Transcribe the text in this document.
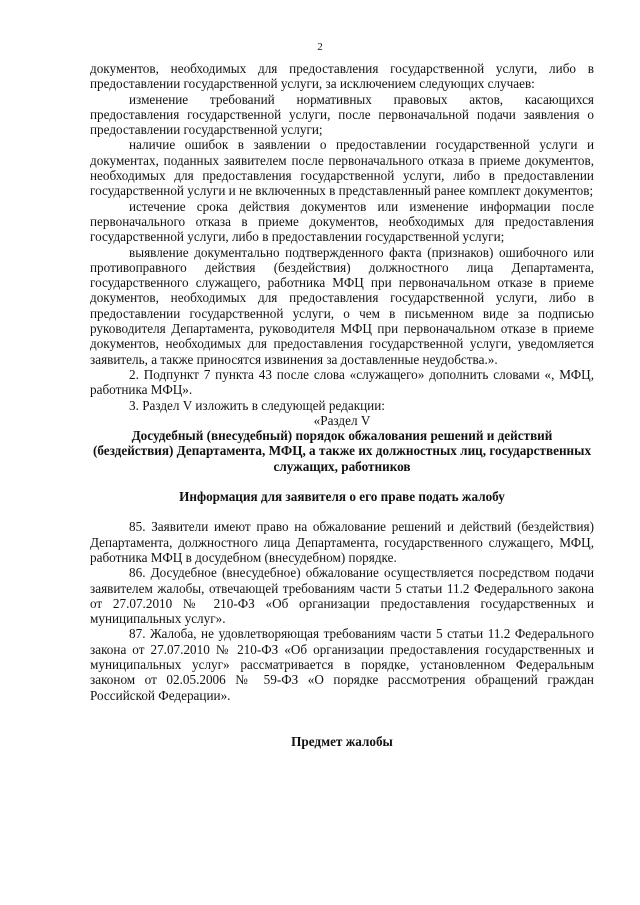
2

документов, необходимых для предоставления государственной услуги, либо в предоставлении государственной услуги, за исключением следующих случаев:

изменение требований нормативных правовых актов, касающихся предоставления государственной услуги, после первоначальной подачи заявления о предоставлении государственной услуги;

наличие ошибок в заявлении о предоставлении государственной услуги и документах, поданных заявителем после первоначального отказа в приеме документов, необходимых для предоставления государственной услуги, либо в предоставлении государственной услуги и не включенных в представленный ранее комплект документов;

истечение срока действия документов или изменение информации после первоначального отказа в приеме документов, необходимых для предоставления государственной услуги, либо в предоставлении государственной услуги;

выявление документально подтвержденного факта (признаков) ошибочного или противоправного действия (бездействия) должностного лица Департамента, государственного служащего, работника МФЦ при первоначальном отказе в приеме документов, необходимых для предоставления государственной услуги, либо в предоставлении государственной услуги, о чем в письменном виде за подписью руководителя Департамента, руководителя МФЦ при первоначальном отказе в приеме документов, необходимых для предоставления государственной услуги, уведомляется заявитель, а также приносятся извинения за доставленные неудобства.».

2. Подпункт 7 пункта 43 после слова «служащего» дополнить словами «, МФЦ, работника МФЦ».

3. Раздел V изложить в следующей редакции:

«Раздел V

Досудебный (внесудебный) порядок обжалования решений и действий (бездействия) Департамента, МФЦ, а также их должностных лиц, государственных служащих, работников

Информация для заявителя о его праве подать жалобу

85. Заявители имеют право на обжалование решений и действий (бездействия) Департамента, должностного лица Департамента, государственного служащего, МФЦ, работника МФЦ в досудебном (внесудебном) порядке.

86. Досудебное (внесудебное) обжалование осуществляется посредством подачи заявителем жалобы, отвечающей требованиям части 5 статьи 11.2 Федерального закона от 27.07.2010 № 210-ФЗ «Об организации предоставления государственных и муниципальных услуг».

87. Жалоба, не удовлетворяющая требованиям части 5 статьи 11.2 Федерального закона от 27.07.2010 № 210-ФЗ «Об организации предоставления государственных и муниципальных услуг» рассматривается в порядке, установленном Федеральным законом от 02.05.2006 № 59-ФЗ «О порядке рассмотрения обращений граждан Российской Федерации».

Предмет жалобы
